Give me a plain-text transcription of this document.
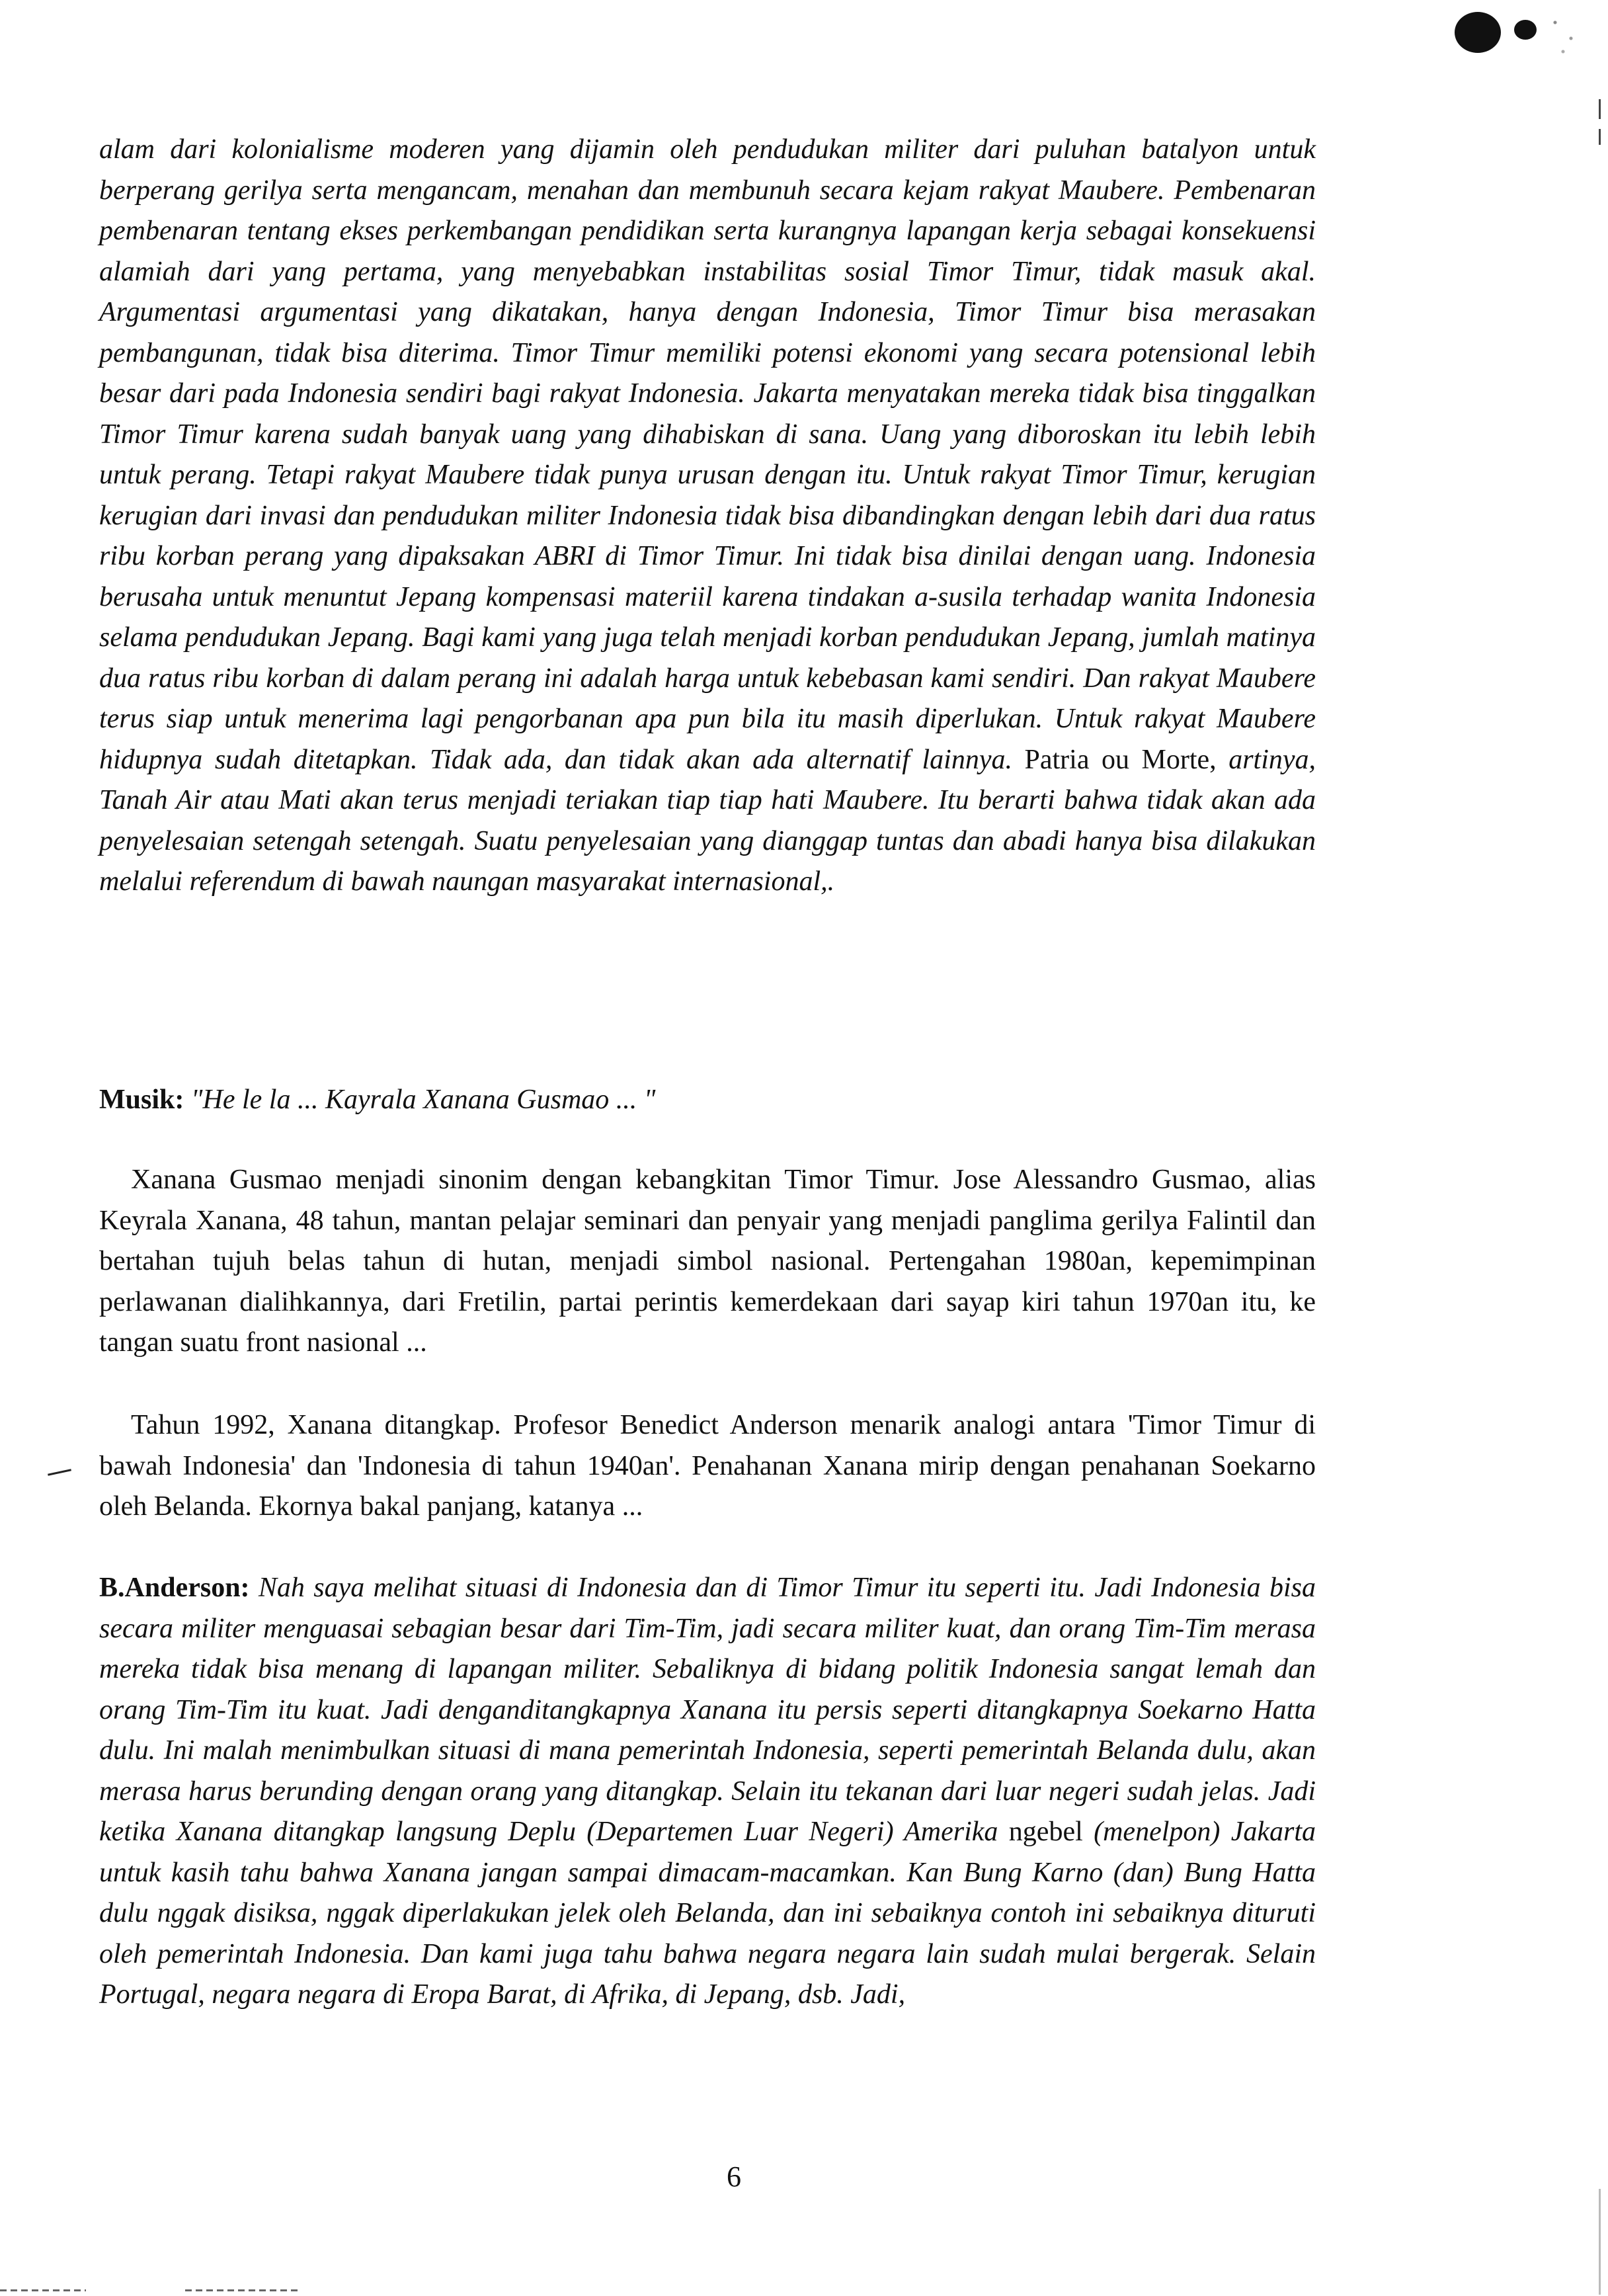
alam dari kolonialisme moderen yang dijamin oleh pendudukan militer dari puluhan batalyon untuk berperang gerilya serta mengancam, menahan dan membunuh secara kejam rakyat Maubere. Pembenaran pembenaran tentang ekses perkembangan pendidikan serta kurangnya lapangan kerja sebagai konsekuensi alamiah dari yang pertama, yang menyebabkan instabilitas sosial Timor Timur, tidak masuk akal. Argumentasi argumentasi yang dikatakan, hanya dengan Indonesia, Timor Timur bisa merasakan pembangunan, tidak bisa diterima. Timor Timur memiliki potensi ekonomi yang secara potensional lebih besar dari pada Indonesia sendiri bagi rakyat Indonesia. Jakarta menyatakan mereka tidak bisa tinggalkan Timor Timur karena sudah banyak uang yang dihabiskan di sana. Uang yang diboroskan itu lebih lebih untuk perang. Tetapi rakyat Maubere tidak punya urusan dengan itu. Untuk rakyat Timor Timur, kerugian kerugian dari invasi dan pendudukan militer Indonesia tidak bisa dibandingkan dengan lebih dari dua ratus ribu korban perang yang dipaksakan ABRI di Timor Timur. Ini tidak bisa dinilai dengan uang. Indonesia berusaha untuk menuntut Jepang kompensasi materiil karena tindakan a-susila terhadap wanita Indonesia selama pendudukan Jepang. Bagi kami yang juga telah menjadi korban pendudukan Jepang, jumlah matinya dua ratus ribu korban di dalam perang ini adalah harga untuk kebebasan kami sendiri. Dan rakyat Maubere terus siap untuk menerima lagi pengorbanan apa pun bila itu masih diperlukan. Untuk rakyat Maubere hidupnya sudah ditetapkan. Tidak ada, dan tidak akan ada alternatif lainnya. Patria ou Morte, artinya, Tanah Air atau Mati akan terus menjadi teriakan tiap tiap hati Maubere. Itu berarti bahwa tidak akan ada penyelesaian setengah setengah. Suatu penyelesaian yang dianggap tuntas dan abadi hanya bisa dilakukan melalui referendum di bawah naungan masyarakat internasional,.

Musik: "He le la ... Kayrala Xanana Gusmao ... "

Xanana Gusmao menjadi sinonim dengan kebangkitan Timor Timur. Jose Alessandro Gusmao, alias Keyrala Xanana, 48 tahun, mantan pelajar seminari dan penyair yang menjadi panglima gerilya Falintil dan bertahan tujuh belas tahun di hutan, menjadi simbol nasional. Pertengahan 1980an, kepemimpinan perlawanan dialihkannya, dari Fretilin, partai perintis kemerdekaan dari sayap kiri tahun 1970an itu, ke tangan suatu front nasional ...

Tahun 1992, Xanana ditangkap. Profesor Benedict Anderson menarik analogi antara 'Timor Timur di bawah Indonesia' dan 'Indonesia di tahun 1940an'. Penahanan Xanana mirip dengan penahanan Soekarno oleh Belanda. Ekornya bakal panjang, katanya ...

B.Anderson: Nah saya melihat situasi di Indonesia dan di Timor Timur itu seperti itu. Jadi Indonesia bisa secara militer menguasai sebagian besar dari Tim-Tim, jadi secara militer kuat, dan orang Tim-Tim merasa mereka tidak bisa menang di lapangan militer. Sebaliknya di bidang politik Indonesia sangat lemah dan orang Tim-Tim itu kuat. Jadi denganditangkapnya Xanana itu persis seperti ditangkapnya Soekarno Hatta dulu. Ini malah menimbulkan situasi di mana pemerintah Indonesia, seperti pemerintah Belanda dulu, akan merasa harus berunding dengan orang yang ditangkap. Selain itu tekanan dari luar negeri sudah jelas. Jadi ketika Xanana ditangkap langsung Deplu (Departemen Luar Negeri) Amerika ngebel (menelpon) Jakarta untuk kasih tahu bahwa Xanana jangan sampai dimacam-macamkan. Kan Bung Karno (dan) Bung Hatta dulu nggak disiksa, nggak diperlakukan jelek oleh Belanda, dan ini sebaiknya contoh ini sebaiknya dituruti oleh pemerintah Indonesia. Dan kami juga tahu bahwa negara negara lain sudah mulai bergerak. Selain Portugal, negara negara di Eropa Barat, di Afrika, di Jepang, dsb. Jadi,

6
